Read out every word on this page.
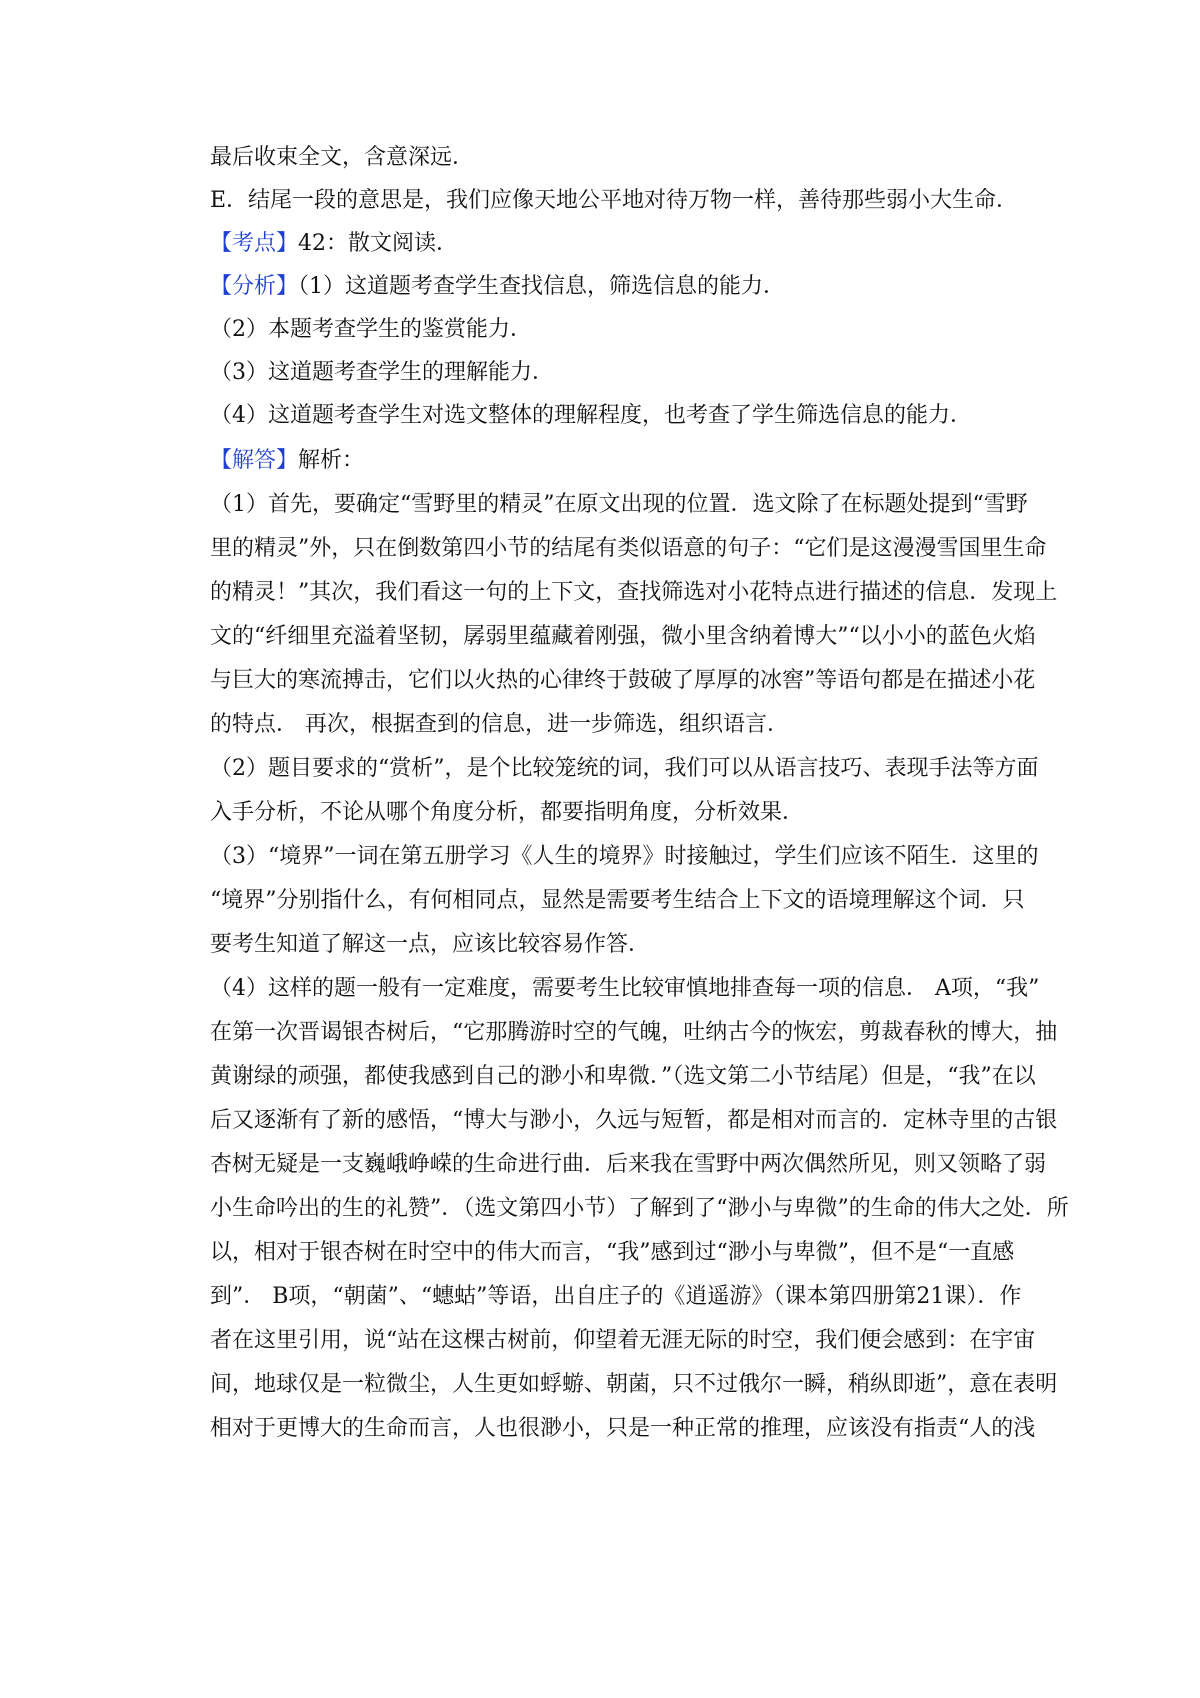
最后收束全文，含意深远．
E．结尾一段的意思是，我们应像天地公平地对待万物一样，善待那些弱小大生命．
【考点】42：散文阅读．
【分析】（1）这道题考查学生查找信息，筛选信息的能力．
（2）本题考查学生的鉴赏能力．
（3）这道题考查学生的理解能力．
（4）这道题考查学生对选文整体的理解程度，也考查了学生筛选信息的能力．
【解答】解析：
（1）首先，要确定“雪野里的精灵”在原文出现的位置．选文除了在标题处提到“雪野
里的精灵”外，只在倒数第四小节的结尾有类似语意的句子：“它们是这漫漫雪国里生命
的精灵！”其次，我们看这一句的上下文，查找筛选对小花特点进行描述的信息．发现上
文的“纤细里充溢着坚韧，孱弱里蕴藏着刚强，微小里含纳着博大”“以小小的蓝色火焰
与巨大的寒流搏击，它们以火热的心律终于鼓破了厚厚的冰窖”等语句都是在描述小花
的特点． 再次，根据查到的信息，进一步筛选，组织语言．
（2）题目要求的“赏析”，是个比较笼统的词，我们可以从语言技巧、表现手法等方面
入手分析，不论从哪个角度分析，都要指明角度，分析效果．
（3）“境界”一词在第五册学习《人生的境界》时接触过，学生们应该不陌生．这里的
“境界”分别指什么，有何相同点，显然是需要考生结合上下文的语境理解这个词．只
要考生知道了解这一点，应该比较容易作答．
（4）这样的题一般有一定难度，需要考生比较审慎地排查每一项的信息． A项，“我”
在第一次晋谒银杏树后，“它那腾游时空的气魄，吐纳古今的恢宏，剪裁春秋的博大，抽
黄谢绿的顽强，都使我感到自己的渺小和卑微．”（选文第二小节结尾）但是，“我”在以
后又逐渐有了新的感悟，“博大与渺小，久远与短暂，都是相对而言的．定林寺里的古银
杏树无疑是一支巍峨峥嵘的生命进行曲．后来我在雪野中两次偶然所见，则又领略了弱
小生命吟出的生的礼赞”．（选文第四小节）了解到了“渺小与卑微”的生命的伟大之处．所
以，相对于银杏树在时空中的伟大而言，“我”感到过“渺小与卑微”，但不是“一直感
到”． B项，“朝菌”、“蟪蛄”等语，出自庄子的《逍遥游》（课本第四册第21课）．作
者在这里引用，说“站在这棵古树前，仰望着无涯无际的时空，我们便会感到：在宇宙
间，地球仅是一粒微尘，人生更如蜉蝣、朝菌，只不过俄尔一瞬，稍纵即逝”，意在表明
相对于更博大的生命而言，人也很渺小，只是一种正常的推理，应该没有指责“人的浅
